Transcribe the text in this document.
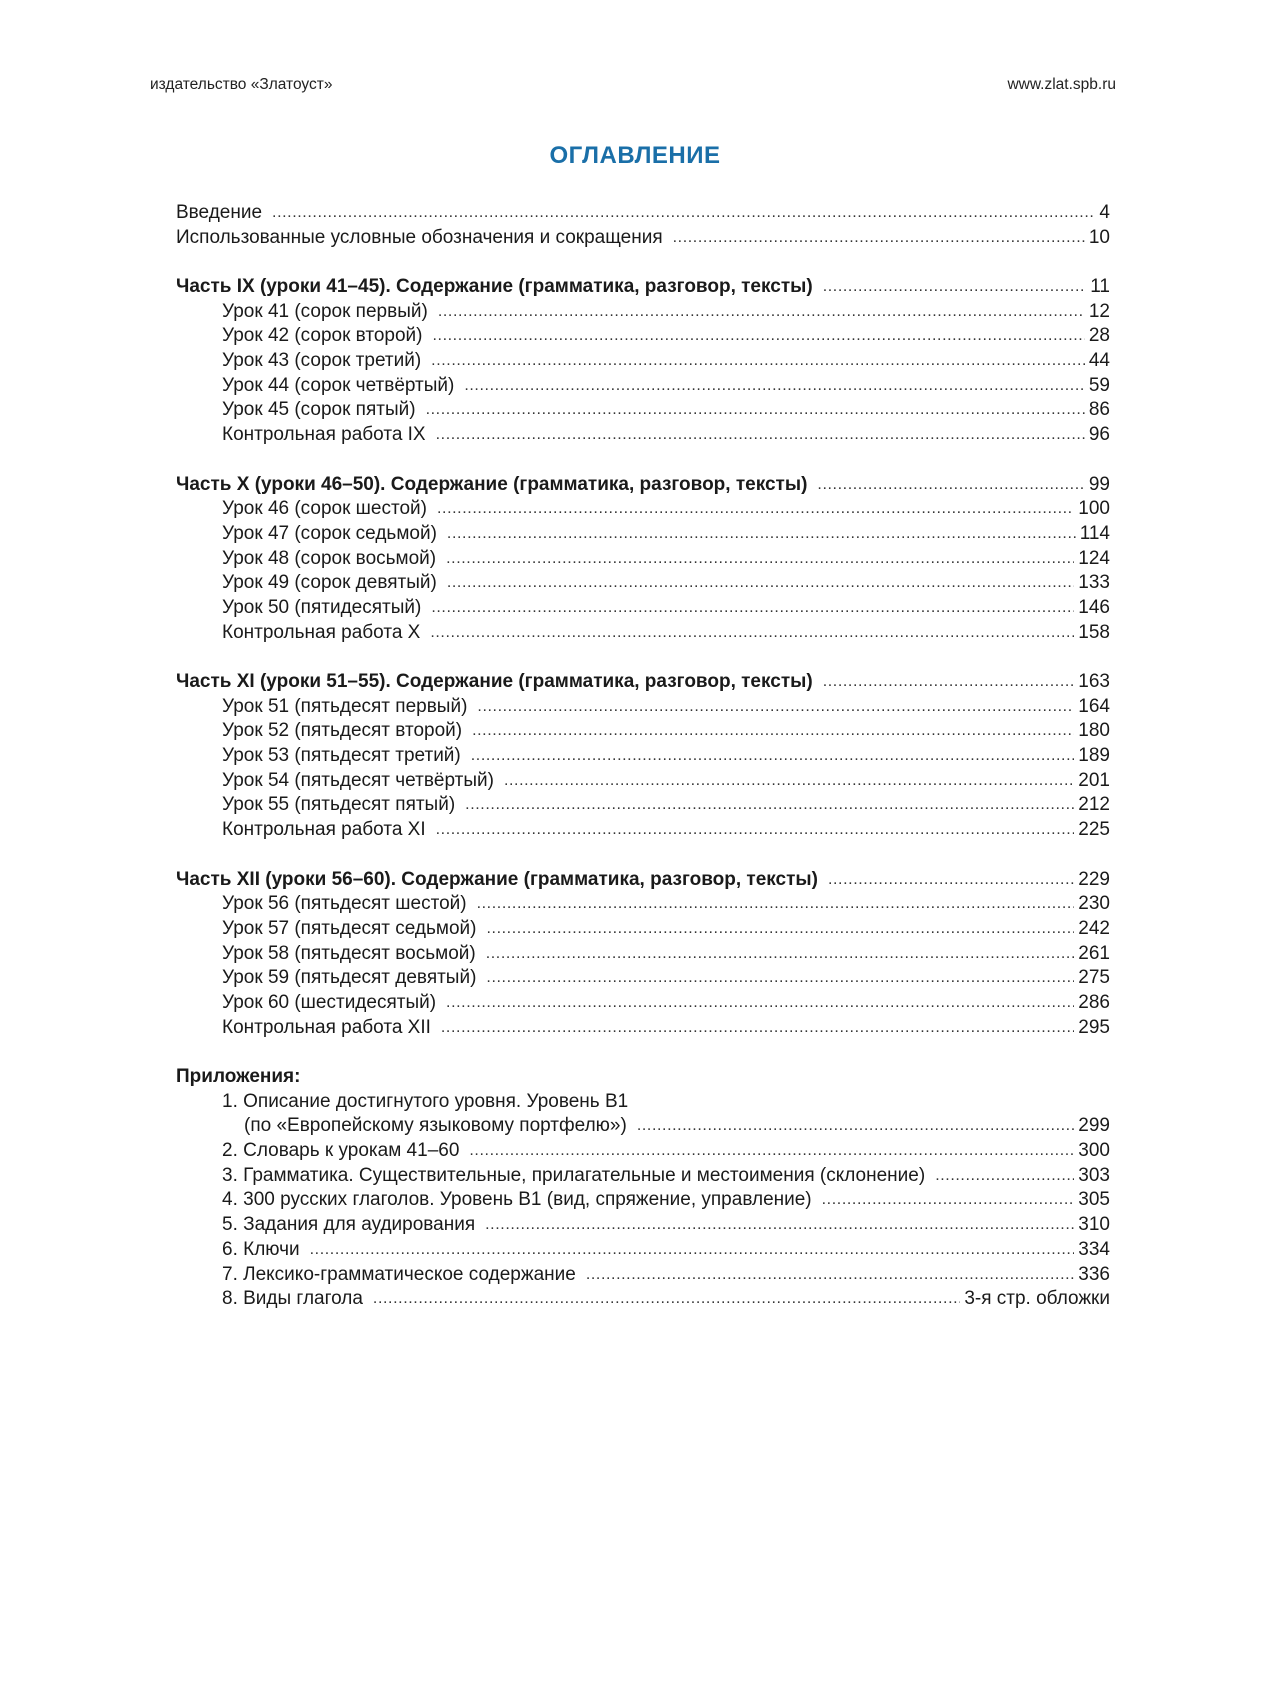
издательство «Златоуст»	www.zlat.spb.ru
ОГЛАВЛЕНИЕ
Введение .....	4
Использованные условные обозначения и сокращения .....	10
Часть IX (уроки 41–45). Содержание (грамматика, разговор, тексты) .....	11
Урок 41 (сорок первый) .....	12
Урок 42 (сорок второй) .....	28
Урок 43 (сорок третий) .....	44
Урок 44 (сорок четвёртый) .....	59
Урок 45 (сорок пятый) .....	86
Контрольная работа IX .....	96
Часть X (уроки 46–50). Содержание (грамматика, разговор, тексты) .....	99
Урок 46 (сорок шестой) .....	100
Урок 47 (сорок седьмой) .....	114
Урок 48 (сорок восьмой) .....	124
Урок 49 (сорок девятый) .....	133
Урок 50 (пятидесятый) .....	146
Контрольная работа X .....	158
Часть XI (уроки 51–55). Содержание (грамматика, разговор, тексты) .....	163
Урок 51 (пятьдесят первый) .....	164
Урок 52 (пятьдесят второй) .....	180
Урок 53 (пятьдесят третий) .....	189
Урок 54 (пятьдесят четвёртый) .....	201
Урок 55 (пятьдесят пятый) .....	212
Контрольная работа XI .....	225
Часть XII (уроки 56–60). Содержание (грамматика, разговор, тексты) .....	229
Урок 56 (пятьдесят шестой) .....	230
Урок 57 (пятьдесят седьмой) .....	242
Урок 58 (пятьдесят восьмой) .....	261
Урок 59 (пятьдесят девятый) .....	275
Урок 60 (шестидесятый) .....	286
Контрольная работа XII .....	295
Приложения:
1. Описание достигнутого уровня. Уровень В1
(по «Европейскому языковому портфелю») .....	299
2. Словарь к урокам 41–60 .....	300
3. Грамматика. Существительные, прилагательные и местоимения (склонение) .....	303
4. 300 русских глаголов. Уровень В1 (вид, спряжение, управление) .....	305
5. Задания для аудирования .....	310
6. Ключи .....	334
7. Лексико-грамматическое содержание .....	336
8. Виды глагола .....	3-я стр. обложки
